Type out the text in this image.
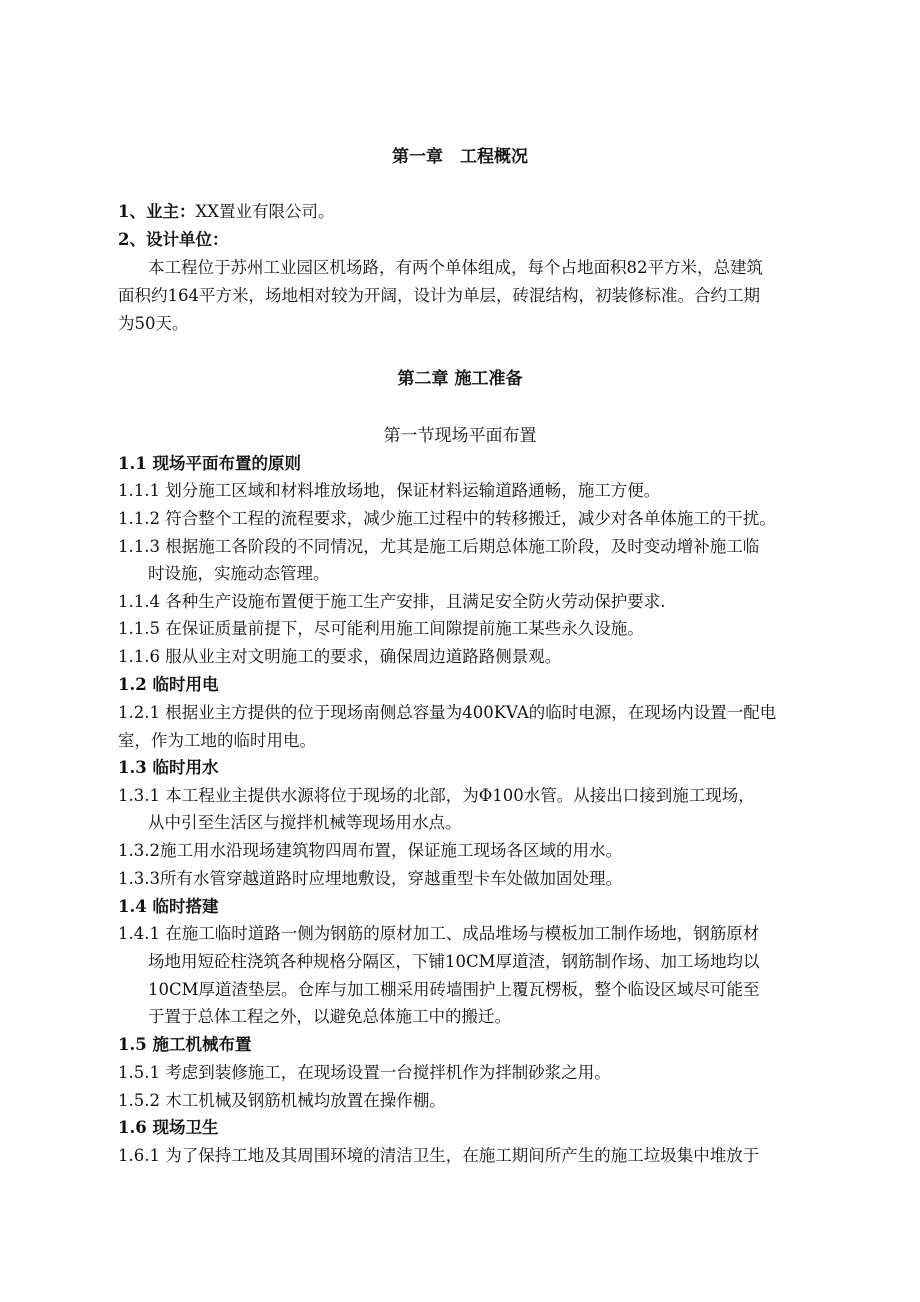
第一章　工程概况
1、业主：XX置业有限公司。
2、设计单位：
本工程位于苏州工业园区机场路，有两个单体组成，每个占地面积82平方米，总建筑
面积约164平方米，场地相对较为开阔，设计为单层，砖混结构，初装修标准。合约工期
为50天。
第二章 施工准备
第一节现场平面布置
1.1 现场平面布置的原则
1.1.1 划分施工区域和材料堆放场地，保证材料运输道路通畅，施工方便。
1.1.2 符合整个工程的流程要求，减少施工过程中的转移搬迁，减少对各单体施工的干扰。
1.1.3 根据施工各阶段的不同情况，尤其是施工后期总体施工阶段，及时变动增补施工临
时设施，实施动态管理。
1.1.4 各种生产设施布置便于施工生产安排，且满足安全防火劳动保护要求.
1.1.5 在保证质量前提下，尽可能利用施工间隙提前施工某些永久设施。
1.1.6 服从业主对文明施工的要求，确保周边道路路侧景观。
1.2 临时用电
1.2.1 根据业主方提供的位于现场南侧总容量为400KVA的临时电源，在现场内设置一配电
室，作为工地的临时用电。
1.3 临时用水
1.3.1 本工程业主提供水源将位于现场的北部，为Φ100水管。从接出口接到施工现场，
从中引至生活区与搅拌机械等现场用水点。
1.3.2施工用水沿现场建筑物四周布置，保证施工现场各区域的用水。
1.3.3所有水管穿越道路时应埋地敷设，穿越重型卡车处做加固处理。
1.4 临时搭建
1.4.1 在施工临时道路一侧为钢筋的原材加工、成品堆场与模板加工制作场地，钢筋原材
场地用短砼柱浇筑各种规格分隔区，下铺10CM厚道渣，钢筋制作场、加工场地均以
10CM厚道渣垫层。仓库与加工棚采用砖墙围护上覆瓦楞板，整个临设区域尽可能至
于置于总体工程之外，以避免总体施工中的搬迁。
1.5 施工机械布置
1.5.1 考虑到装修施工，在现场设置一台搅拌机作为拌制砂浆之用。
1.5.2 木工机械及钢筋机械均放置在操作棚。
1.6 现场卫生
1.6.1 为了保持工地及其周围环境的清洁卫生，在施工期间所产生的施工垃圾集中堆放于
